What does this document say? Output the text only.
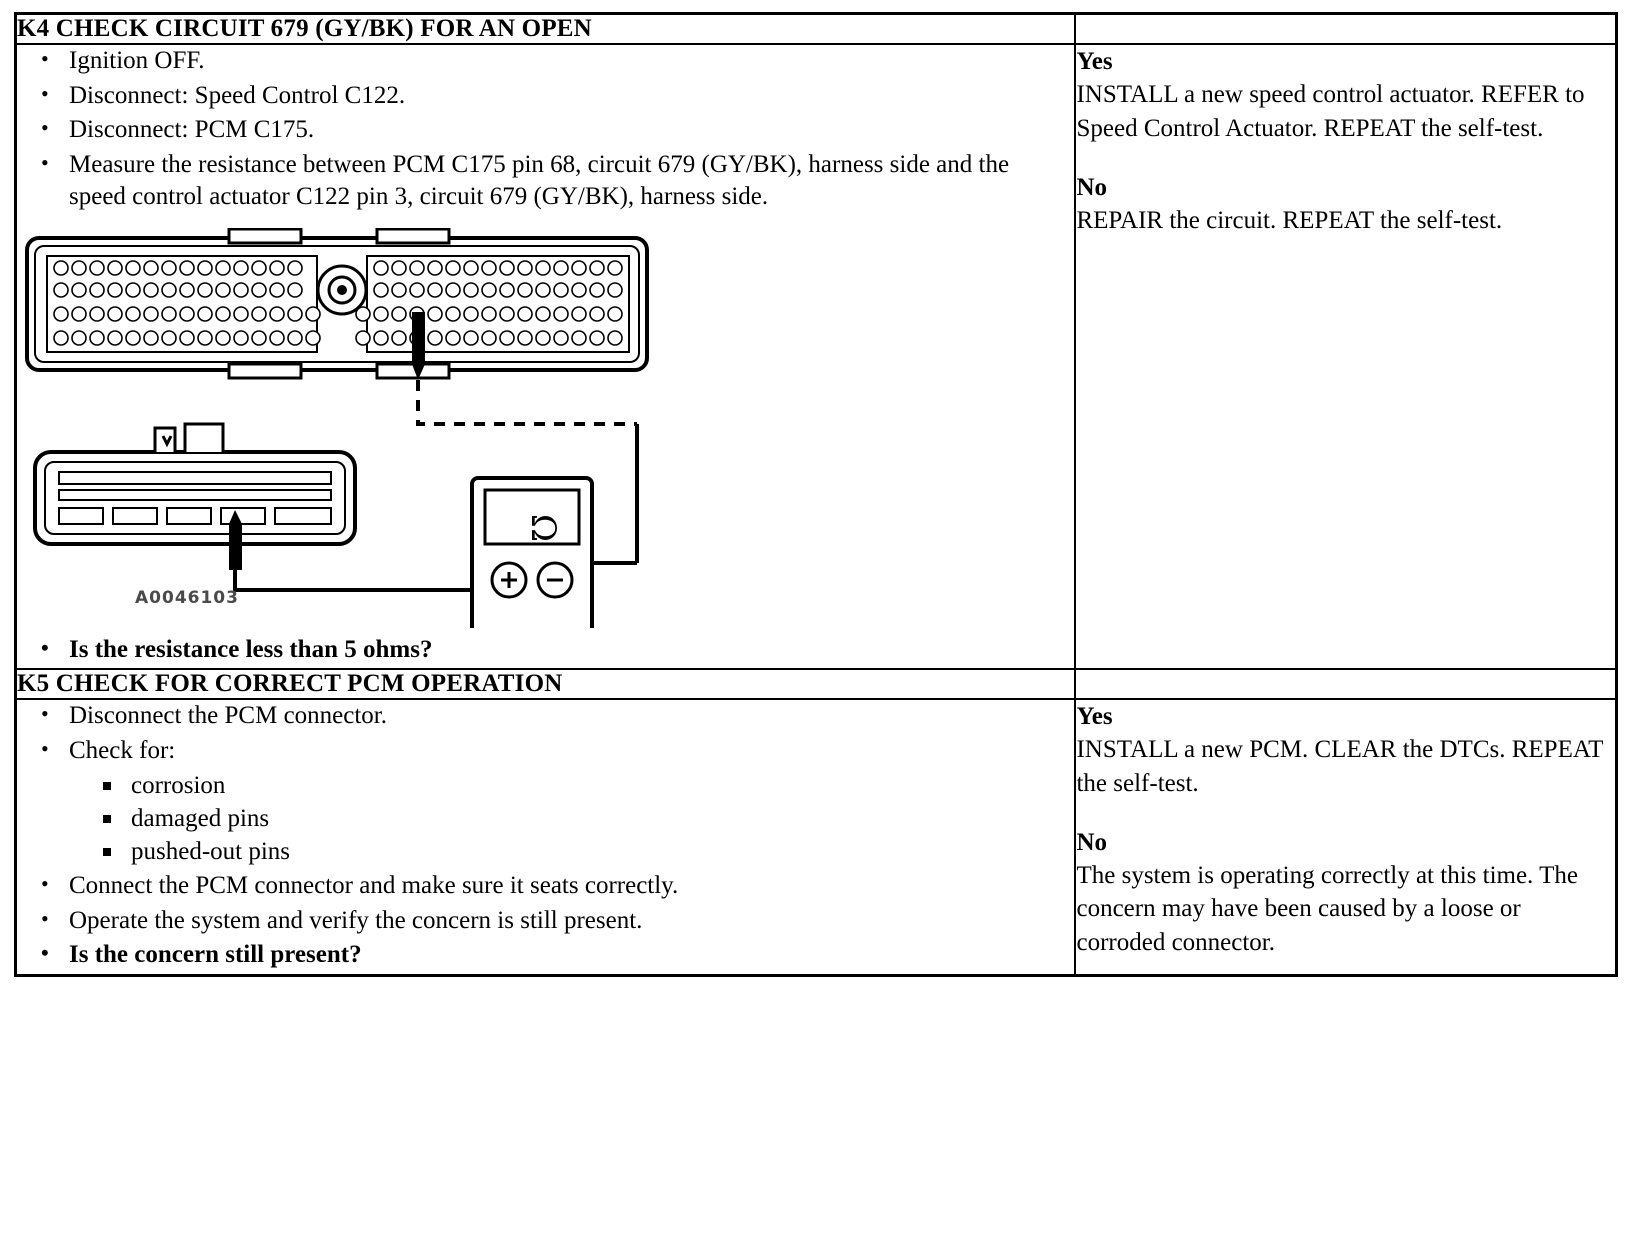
K4 CHECK CIRCUIT 679 (GY/BK) FOR AN OPEN	

• Ignition OFF.
• Disconnect: Speed Control C122.
• Disconnect: PCM C175.
• Measure the resistance between PCM C175 pin 68, circuit 679 (GY/BK), harness side and the speed control actuator C122 pin 3, circuit 679 (GY/BK), harness side.
Ω
A0046103
• Is the resistance less than 5 ohms?

Yes
INSTALL a new speed control actuator. REFER to Speed Control Actuator. REPEAT the self-test.
No
REPAIR the circuit. REPEAT the self-test.

K5 CHECK FOR CORRECT PCM OPERATION	

• Disconnect the PCM connector.
• Check for:
corrosion
damaged pins
pushed-out pins
• Connect the PCM connector and make sure it seats correctly.
• Operate the system and verify the concern is still present.
• Is the concern still present?

Yes
INSTALL a new PCM. CLEAR the DTCs. REPEAT the self-test.
No
The system is operating correctly at this time. The concern may have been caused by a loose or corroded connector.
